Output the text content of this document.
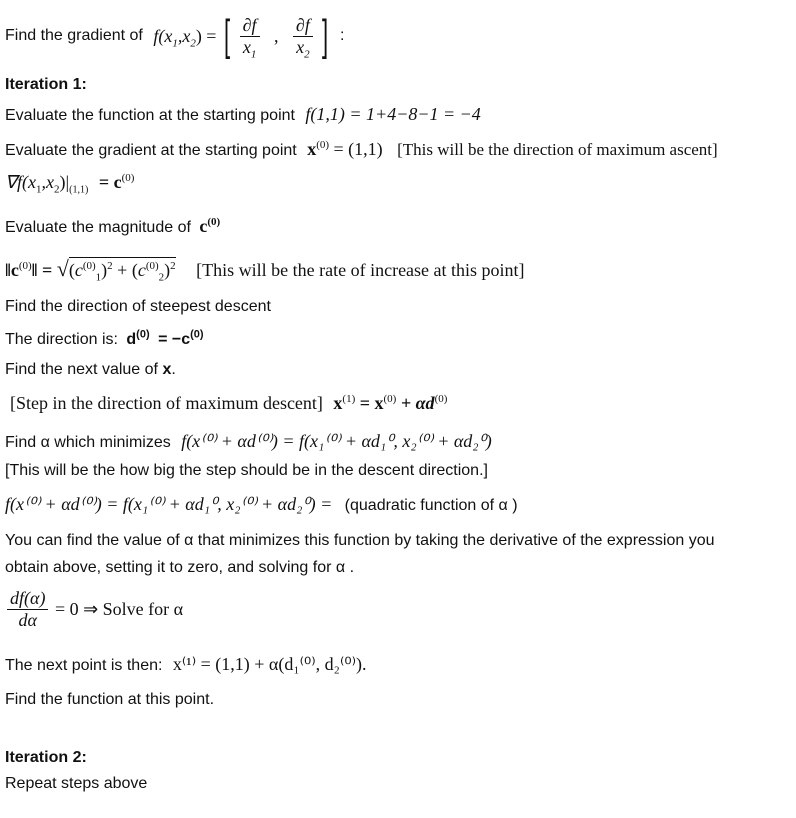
Find the gradient of $f(x_1,x_2)$ = [ $\frac{\partial f}{x_1}$ , $\frac{\partial f}{x_2}$ ] :
Iteration 1:
Evaluate the function at the starting point f(1,1) = 1+4−8−1 = −4
Evaluate the gradient at the starting point $x^{(0)} = (1,1)$ [This will be the direction of maximum ascent]
$\nabla f(x_1,x_2)|_{(1,1)} = c^{(0)}$
Evaluate the magnitude of $c^{(0)}$
$‖c^{(0)}‖ = √(c^{(0)}_1)^2 + (c^{(0)}_2)^2$ [This will be the rate of increase at this point]
Find the direction of steepest descent
The direction is: $d^{(0)} = -c^{(0)}$
Find the next value of x.
[Step in the direction of maximum descent] $x^{(1)} = x^{(0)} + \alpha d^{(0)}$
Find α which minimizes f(x⁽⁰⁾ + αd⁽⁰⁾) = f(x₁⁽⁰⁾ + αd₁⁰, x₂⁽⁰⁾ + αd₂⁰)
[This will be the how big the step should be in the descent direction.]
f(x⁽⁰⁾ + αd⁽⁰⁾) = f(x₁⁽⁰⁾ + αd₁⁰, x₂⁽⁰⁾ + αd₂⁰) = (quadratic function of α )
You can find the value of α that minimizes this function by taking the derivative of the expression you
obtain above, setting it to zero, and solving for α .
$\frac{df(\alpha)}{d\alpha} = 0$ ⇒ Solve for α
The next point is then: x⁽¹⁾ = (1,1) + α(d₁⁽⁰⁾, d₂⁽⁰⁾).
Find the function at this point.
Iteration 2:
Repeat steps above
